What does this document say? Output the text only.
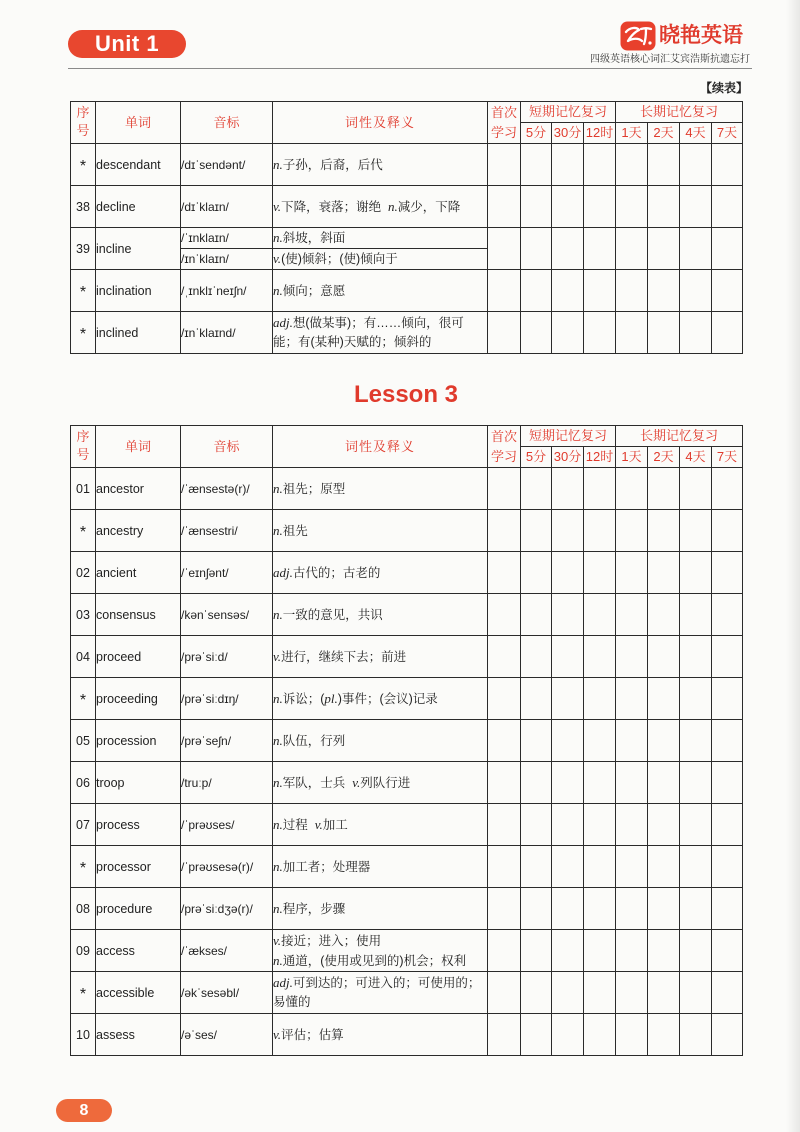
Unit 1	晓艳英语
四级英语核心词汇艾宾浩斯抗遗忘打
【续表】
序号	单词	音标	词性及释义	首次学习	短期记忆复习			长期记忆复习			
					5分	30分	12时	1天	2天	4天	7天
*	descendant	/dɪˈsendənt/	n.子孙，后裔，后代								

38	decline	/dɪˈklaɪn/	v.下降，衰落；谢绝  n.减少，下降								

39	incline	/ˈɪnklaɪn/	n.斜坡，斜面								

		/ɪnˈklaɪn/	v.(使)倾斜；(使)倾向于								

*	inclination	/ˌɪnklɪˈneɪʃn/	n.倾向；意愿								

*	inclined	/ɪnˈklaɪnd/	adj.想(做某事)；有……倾向，很可能；有(某种)天赋的；倾斜的								

Lesson 3
序号	单词	音标	词性及释义	首次学习	短期记忆复习			长期记忆复习			
					5分	30分	12时	1天	2天	4天	7天
01	ancestor	/ˈænsestə(r)/	n.祖先；原型								

*	ancestry	/ˈænsestri/	n.祖先								

02	ancient	/ˈeɪnʃənt/	adj.古代的；古老的								

03	consensus	/kənˈsensəs/	n.一致的意见，共识								

04	proceed	/prəˈsiːd/	v.进行，继续下去；前进								

*	proceeding	/prəˈsiːdɪŋ/	n.诉讼；(pl.)事件；(会议)记录								

05	procession	/prəˈseʃn/	n.队伍，行列								

06	troop	/truːp/	n.军队，士兵  v.列队行进								

07	process	/ˈprəʊses/	n.过程  v.加工								

*	processor	/ˈprəʊsesə(r)/	n.加工者；处理器								

08	procedure	/prəˈsiːdʒə(r)/	n.程序，步骤								

09	access	/ˈækses/	v.接近；进入；使用
n.通道，(使用或见到的)机会；权利								

*	accessible	/əkˈsesəbl/	adj.可到达的；可进入的；可使用的；易懂的								

10	assess	/əˈses/	v.评估；估算								

8
